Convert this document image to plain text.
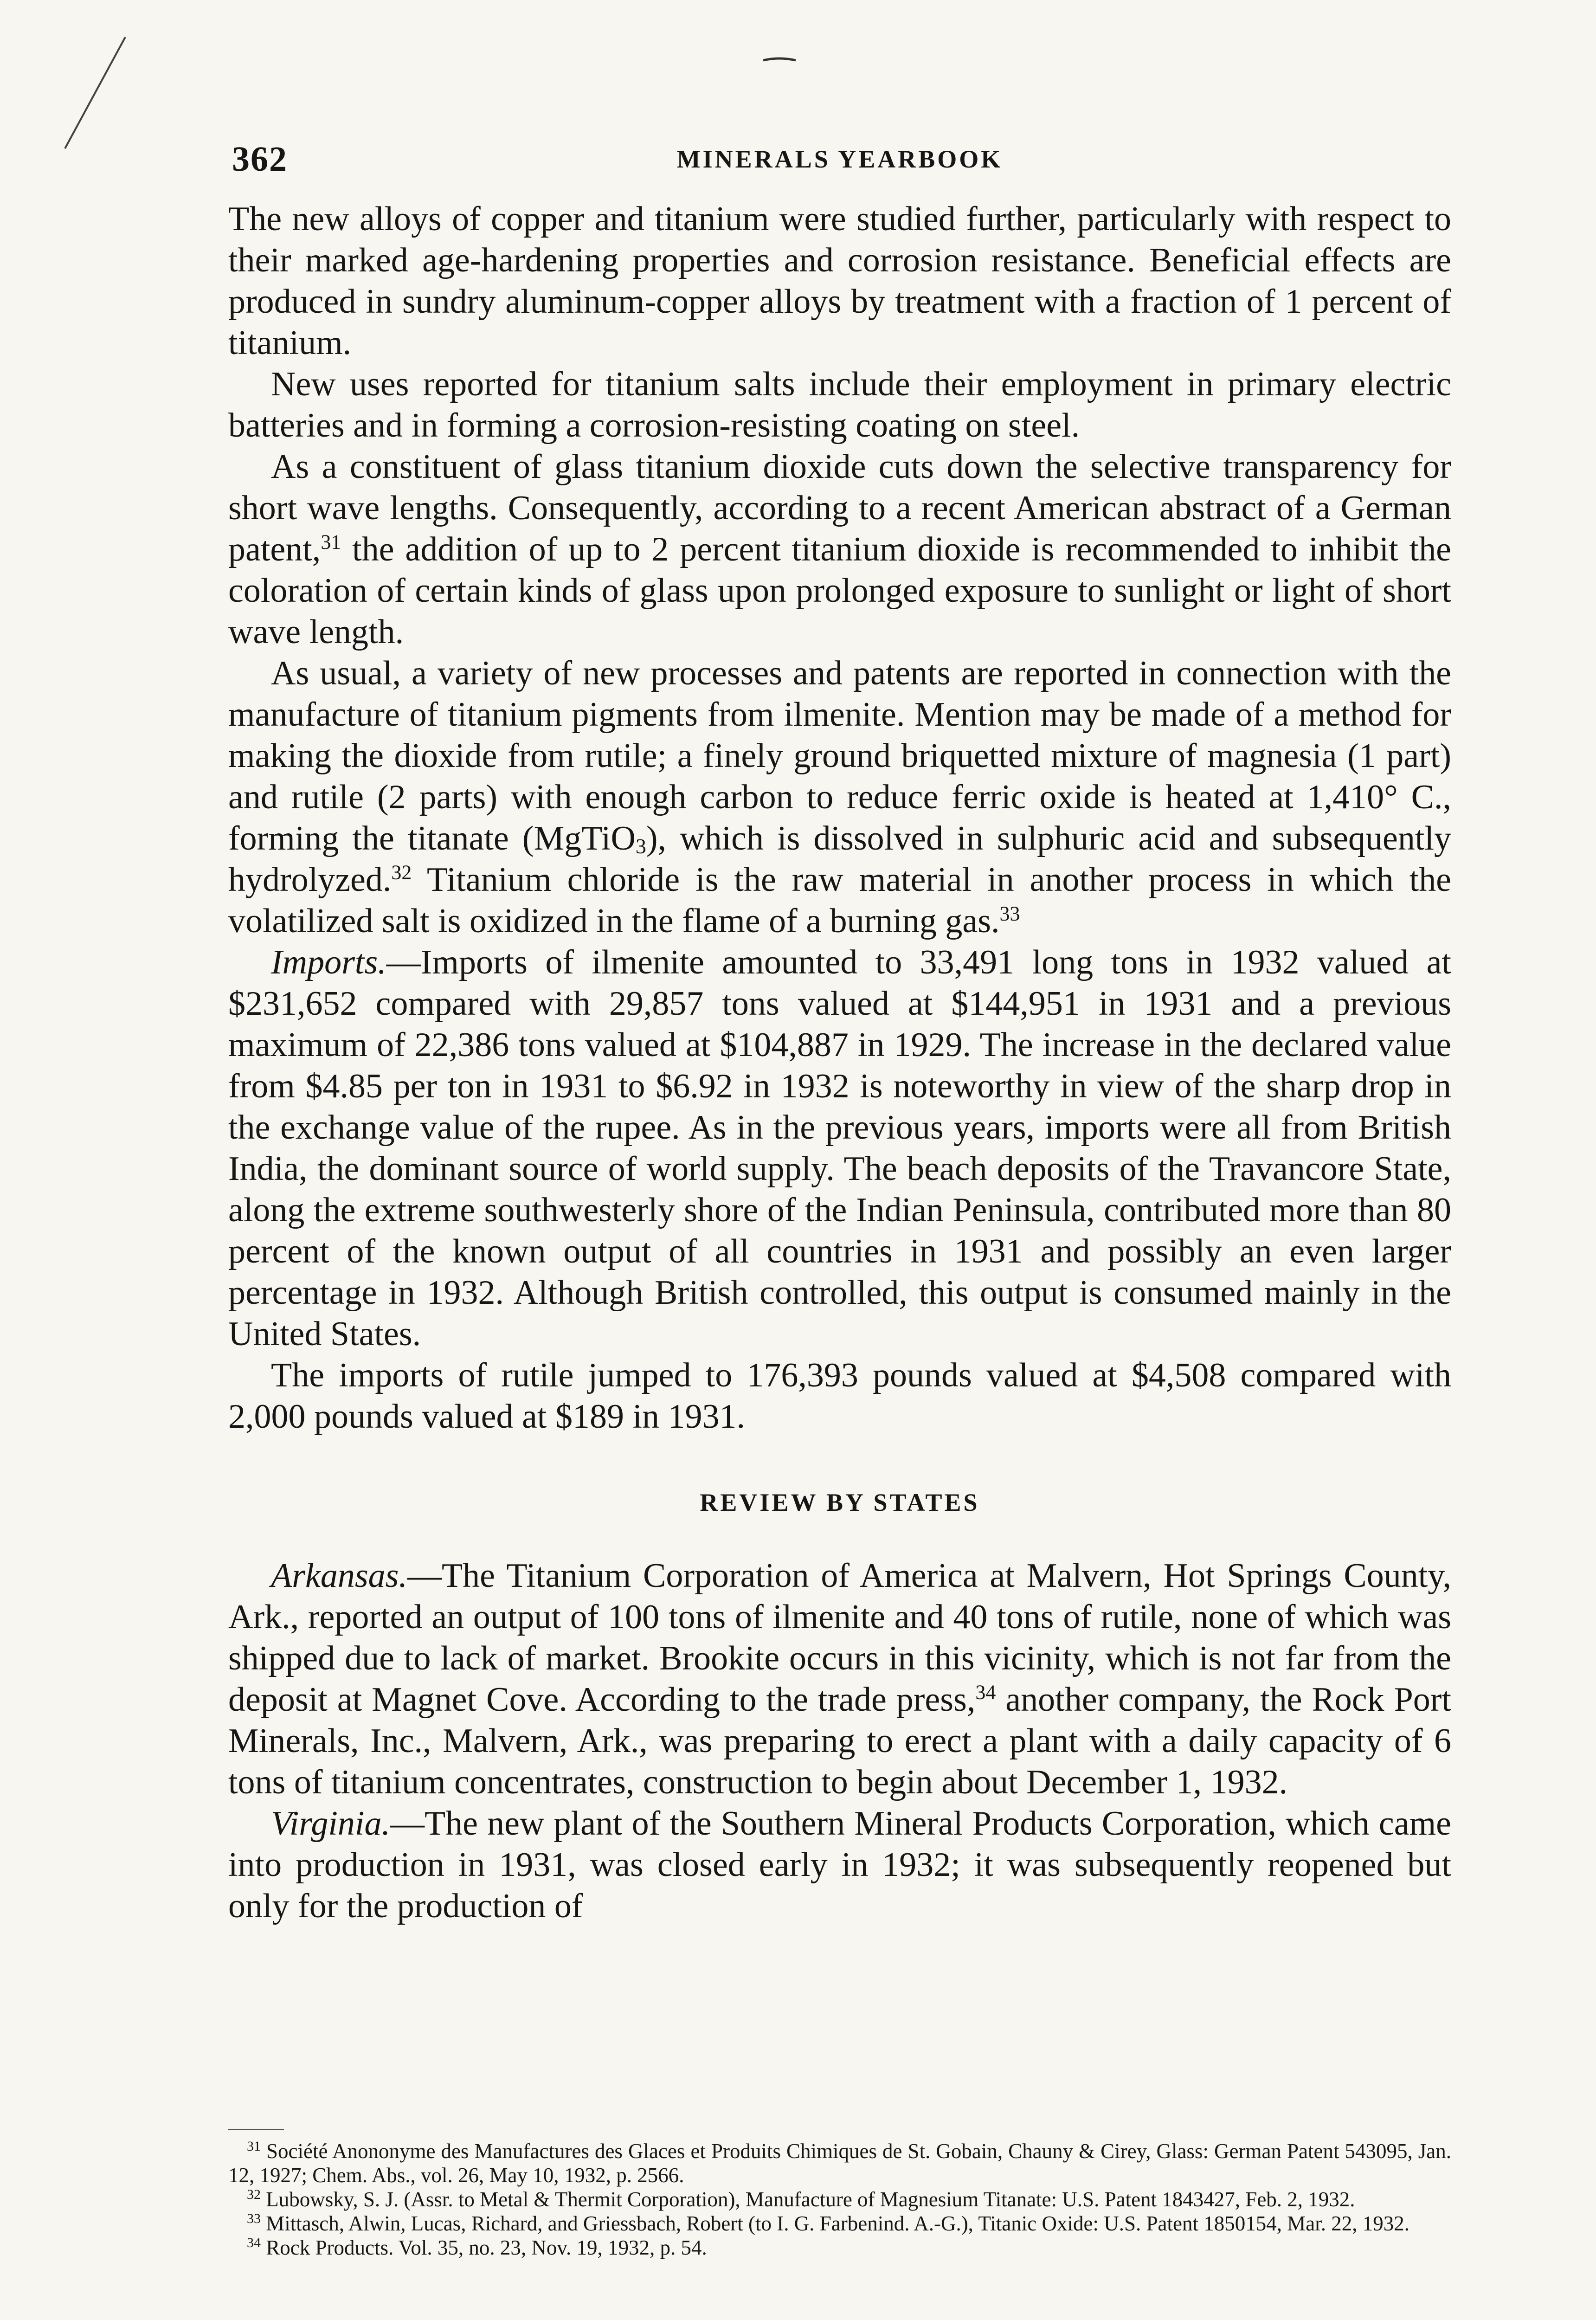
362	MINERALS YEARBOOK

The new alloys of copper and titanium were studied further, particularly with respect to their marked age-hardening properties and corrosion resistance. Beneficial effects are produced in sundry aluminum-copper alloys by treatment with a fraction of 1 percent of titanium.

New uses reported for titanium salts include their employment in primary electric batteries and in forming a corrosion-resisting coating on steel.

As a constituent of glass titanium dioxide cuts down the selective transparency for short wave lengths. Consequently, according to a recent American abstract of a German patent,$^{31}$ the addition of up to 2 percent titanium dioxide is recommended to inhibit the coloration of certain kinds of glass upon prolonged exposure to sunlight or light of short wave length.

As usual, a variety of new processes and patents are reported in connection with the manufacture of titanium pigments from ilmenite. Mention may be made of a method for making the dioxide from rutile; a finely ground briquetted mixture of magnesia (1 part) and rutile (2 parts) with enough carbon to reduce ferric oxide is heated at 1,410° C., forming the titanate (MgTiO$_3$), which is dissolved in sulphuric acid and subsequently hydrolyzed.$^{32}$ Titanium chloride is the raw material in another process in which the volatilized salt is oxidized in the flame of a burning gas.$^{33}$

Imports.—Imports of ilmenite amounted to 33,491 long tons in 1932 valued at $231,652 compared with 29,857 tons valued at $144,951 in 1931 and a previous maximum of 22,386 tons valued at $104,887 in 1929. The increase in the declared value from $4.85 per ton in 1931 to $6.92 in 1932 is noteworthy in view of the sharp drop in the exchange value of the rupee. As in the previous years, imports were all from British India, the dominant source of world supply. The beach deposits of the Travancore State, along the extreme southwesterly shore of the Indian Peninsula, contributed more than 80 percent of the known output of all countries in 1931 and possibly an even larger percentage in 1932. Although British controlled, this output is consumed mainly in the United States.

The imports of rutile jumped to 176,393 pounds valued at $4,508 compared with 2,000 pounds valued at $189 in 1931.

REVIEW BY STATES

Arkansas.—The Titanium Corporation of America at Malvern, Hot Springs County, Ark., reported an output of 100 tons of ilmenite and 40 tons of rutile, none of which was shipped due to lack of market. Brookite occurs in this vicinity, which is not far from the deposit at Magnet Cove. According to the trade press,$^{34}$ another company, the Rock Port Minerals, Inc., Malvern, Ark., was preparing to erect a plant with a daily capacity of 6 tons of titanium concentrates, construction to begin about December 1, 1932.

Virginia.—The new plant of the Southern Mineral Products Corporation, which came into production in 1931, was closed early in 1932; it was subsequently reopened but only for the production of

$^{31}$ Société Anononyme des Manufactures des Glaces et Produits Chimiques de St. Gobain, Chauny & Cirey, Glass: German Patent 543095, Jan. 12, 1927; Chem. Abs., vol. 26, May 10, 1932, p. 2566.

$^{32}$ Lubowsky, S. J. (Assr. to Metal & Thermit Corporation), Manufacture of Magnesium Titanate: U.S. Patent 1843427, Feb. 2, 1932.

$^{33}$ Mittasch, Alwin, Lucas, Richard, and Griessbach, Robert (to I. G. Farbenind. A.-G.), Titanic Oxide: U.S. Patent 1850154, Mar. 22, 1932.

$^{34}$ Rock Products. Vol. 35, no. 23, Nov. 19, 1932, p. 54.
